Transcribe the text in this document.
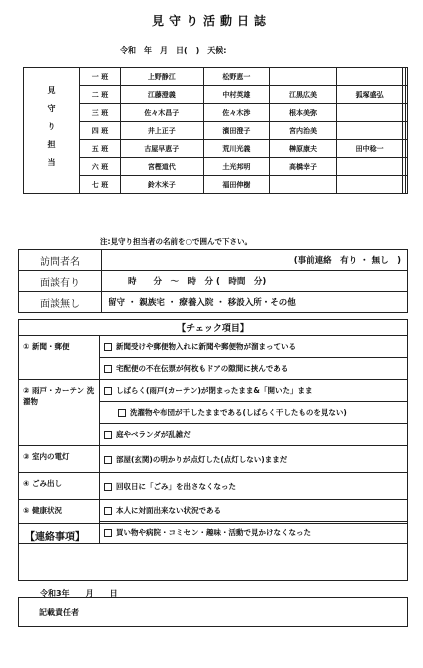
見守り活動日誌
令和　年　月　日(　)　天候:
見守り担当	一 班	上野静江	松野恵一				
	二 班	江藤澄義	中村英雄	江黒広美	狐塚盛弘		
	三 班	佐々木昌子	佐々木渉	根本美弥			
	四 班	井上正子	濱田澄子	宮内治美			
	五 班	古屋早恵子	荒川光義	榊原康夫	田中稔一		
	六 班	宮樫道代	土光邦明	高橋幸子			
	七 班	鈴木米子	福田伸樹				
注:見守り担当者の名前を○で囲んで下さい。
訪問者名	(事前連絡　有り ・ 無し　)
面談有り	時　　分　～　時　分 (　時間　分)
面談無し	留守 ・ 親族宅 ・ 療養入院 ・ 移設入所・その他
【チェック項目】	
① 新聞・郵便	新聞受けや郵便物入れに新聞や郵便物が溜まっている
	宅配便の不在伝票が何枚もドアの隙間に挟んである
② 雨戸・カーテン 洗濯物	しばらく(雨戸(カーテン)が閉まったまま&「開いた」まま
	洗濯物や布団が干したままである(しばらく干したものを見ない)
	庭やベランダが乱雑だ
③ 室内の電灯	部屋(玄関)の明かりが点灯した(点灯しない)ままだ
④ ごみ出し	回収日に「ごみ」を出さなくなった
⑤ 健康状況	本人に対面出来ない状況である
	買い物や病院・コミセン・趣味・活動で見かけなくなった
【連絡事項】
令和3年　　月　　日
記載責任者
